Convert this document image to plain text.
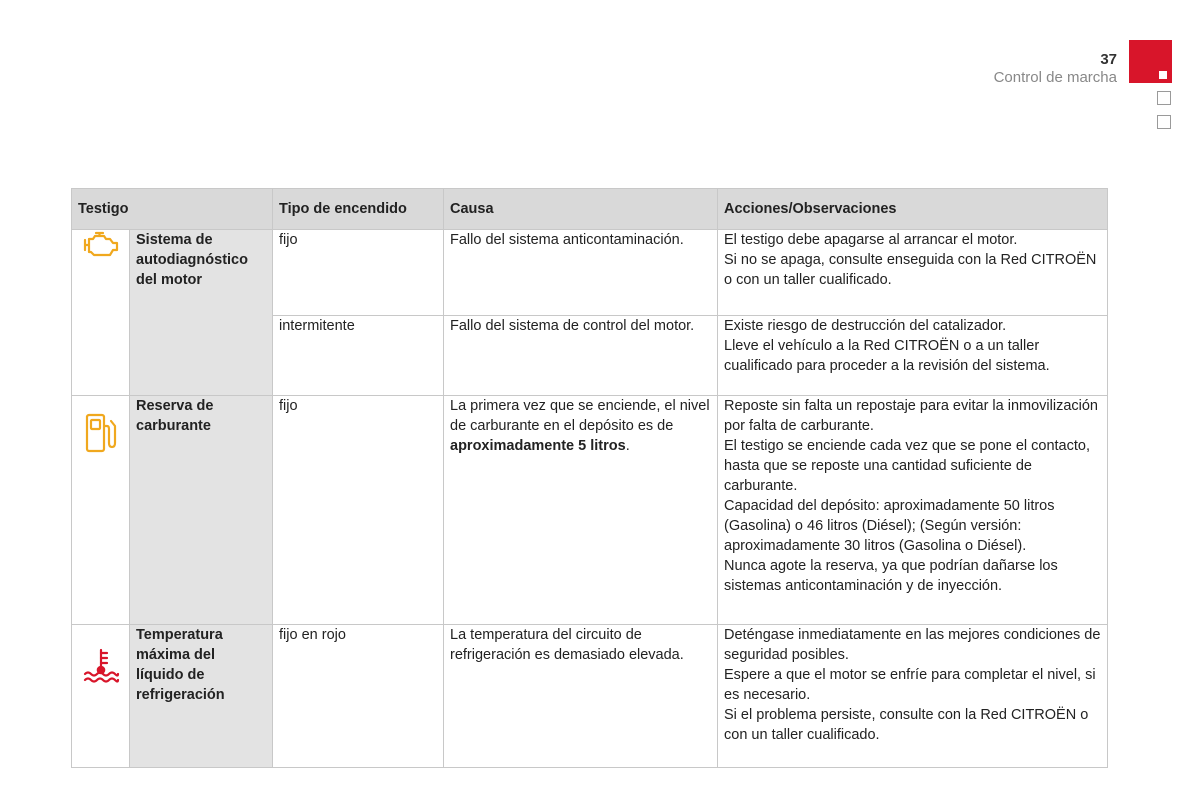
37
Control de marcha
Testigo		Tipo de encendido	Causa	Acciones/Observaciones

	Sistema de autodiagnóstico del motor	fijo	Fallo del sistema anticontaminación.	El testigo debe apagarse al arrancar el motor.
Si no se apaga, consulte enseguida con la Red CITROËN o con un taller cualificado.

		intermitente	Fallo del sistema de control del motor.	Existe riesgo de destrucción del catalizador.
Lleve el vehículo a la Red CITROËN o a un taller cualificado para proceder a la revisión del sistema.

	Reserva de carburante	fijo	La primera vez que se enciende, el nivel de carburante en el depósito es de aproximadamente 5 litros.	Reposte sin falta un repostaje para evitar la inmovilización por falta de carburante.
El testigo se enciende cada vez que se pone el contacto, hasta que se reposte una cantidad suficiente de carburante.
Capacidad del depósito: aproximadamente 50 litros (Gasolina) o 46 litros (Diésel); (Según versión: aproximadamente 30 litros (Gasolina o Diésel).
Nunca agote la reserva, ya que podrían dañarse los sistemas anticontaminación y de inyección.

	Temperatura máxima del líquido de refrigeración	fijo en rojo	La temperatura del circuito de refrigeración es demasiado elevada.	Deténgase inmediatamente en las mejores condiciones de seguridad posibles.
Espere a que el motor se enfríe para completar el nivel, si es necesario.
Si el problema persiste, consulte con la Red CITROËN o con un taller cualificado.
